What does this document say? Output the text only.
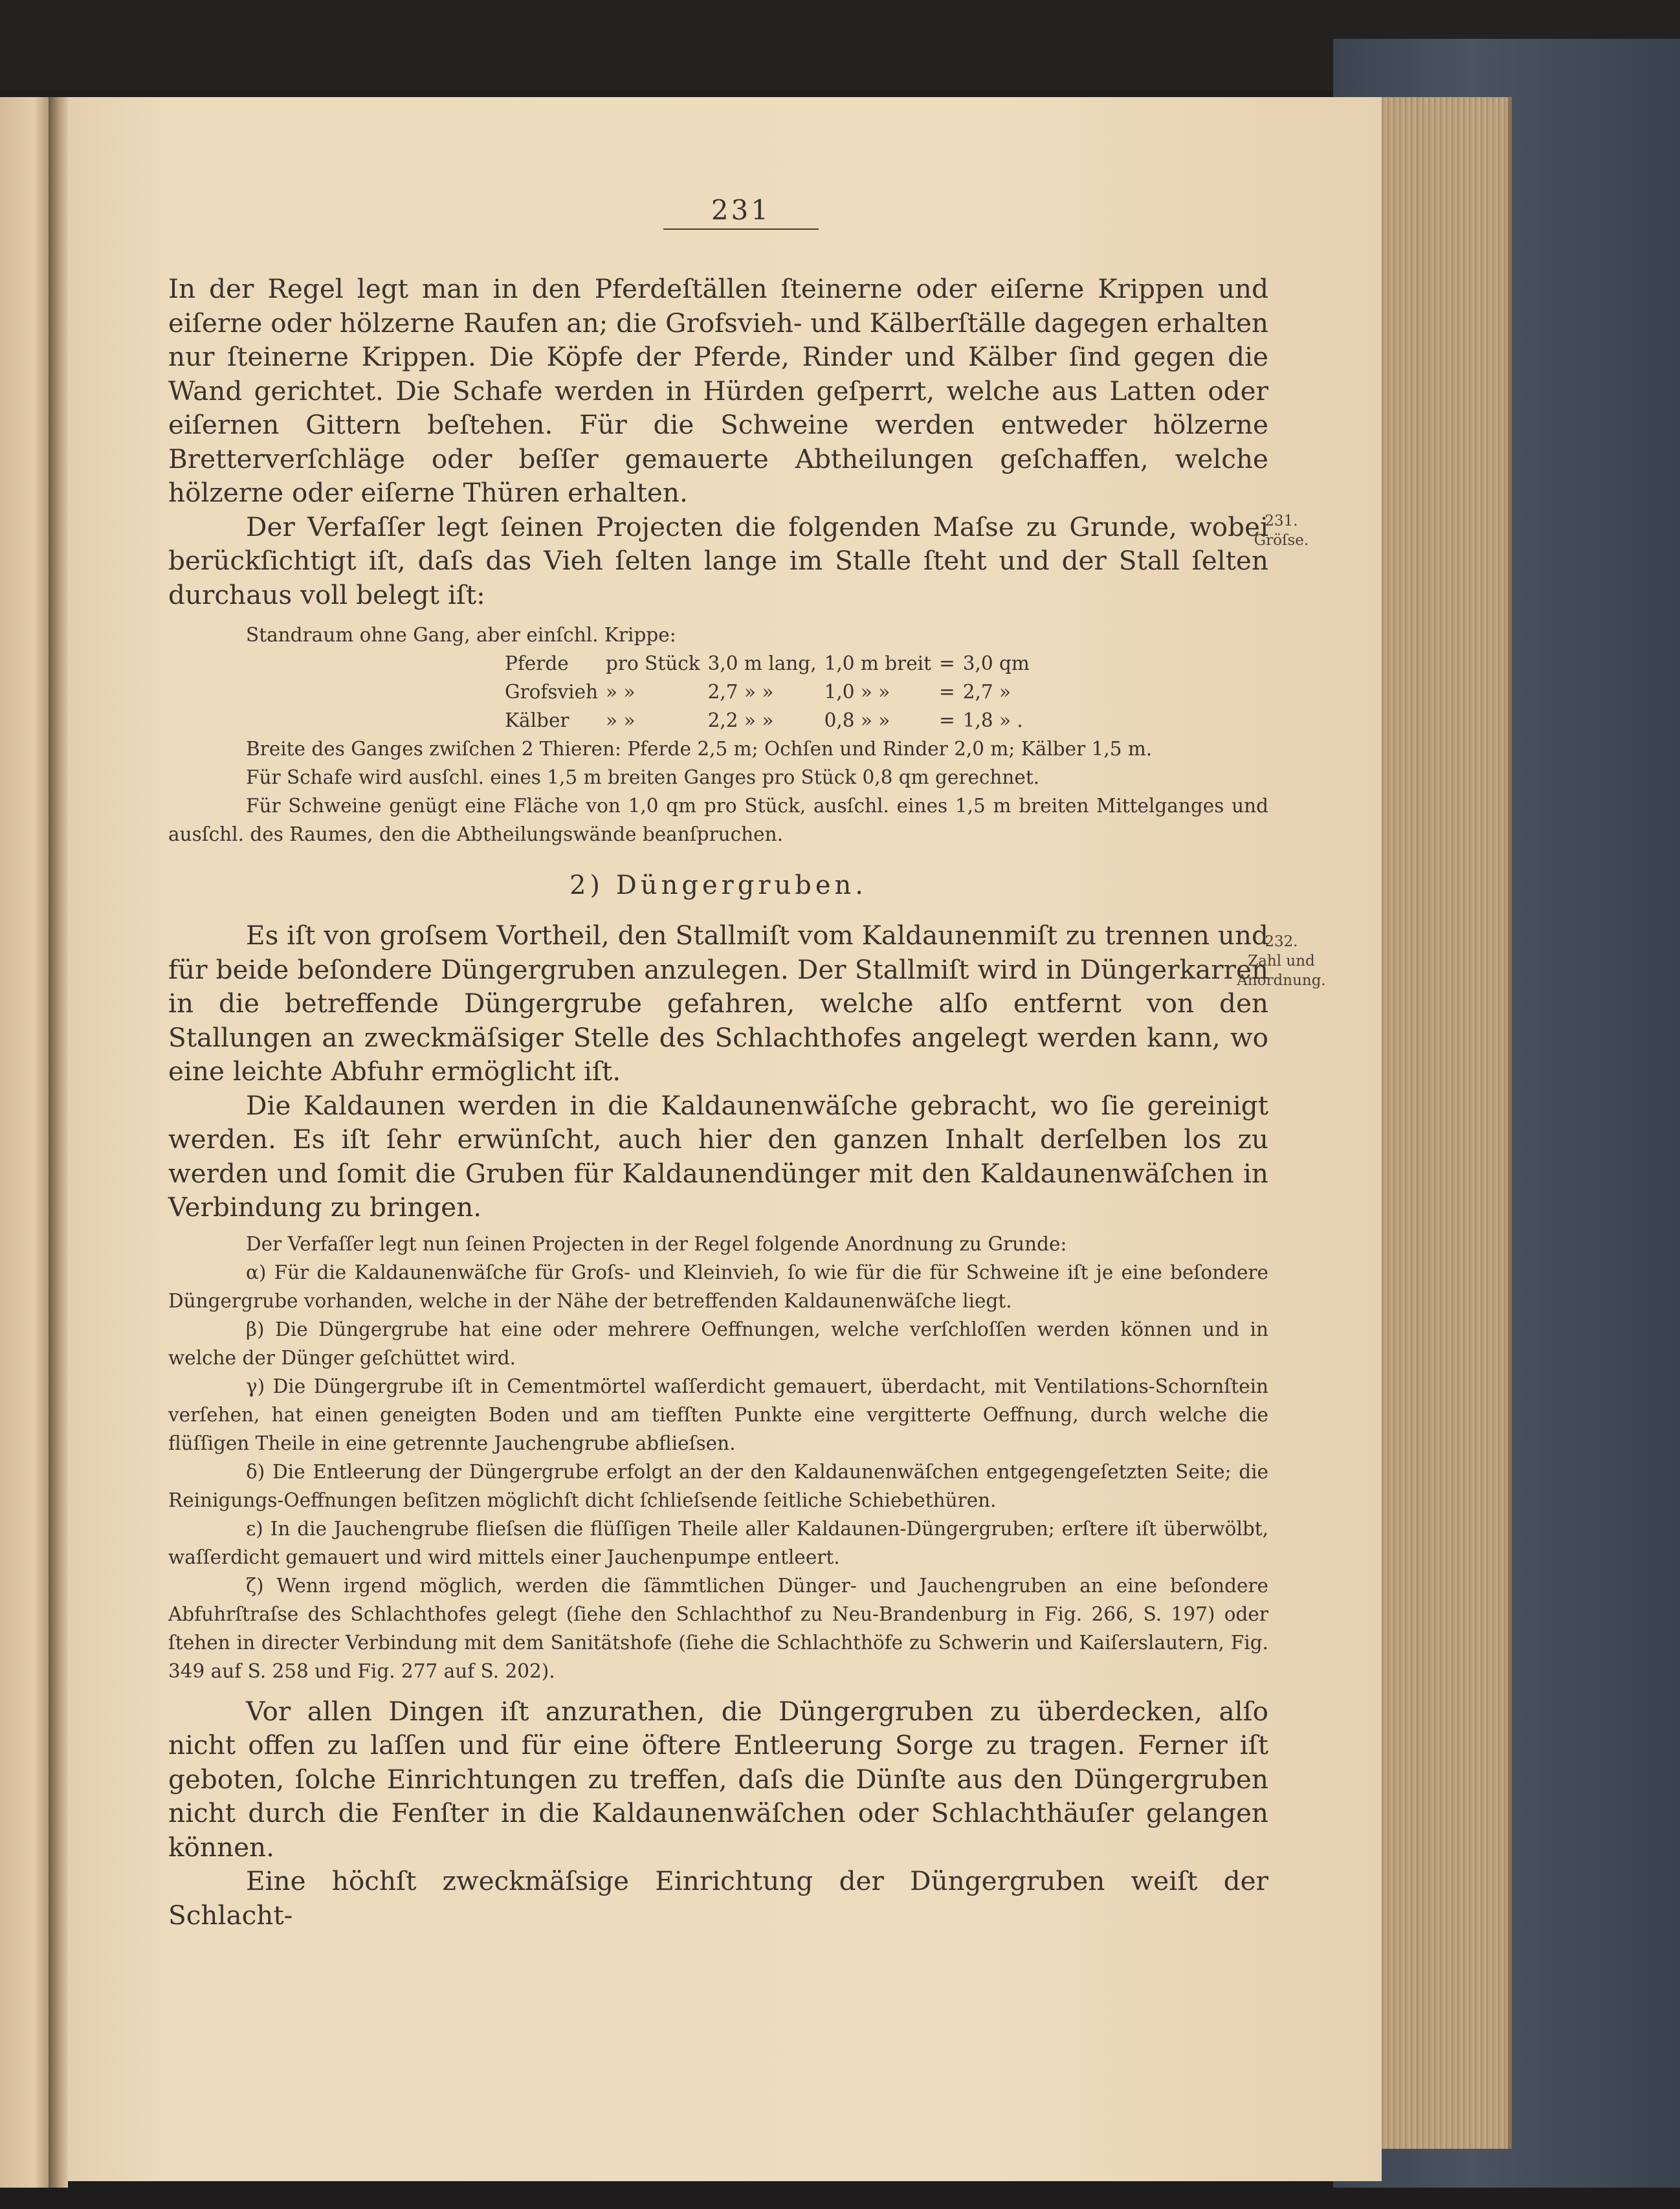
231
231.
Gröſse.
232.
Zahl und Anordnung.

In der Regel legt man in den Pferdeſtällen ſteinerne oder eiſerne Krippen und eiſerne oder hölzerne Raufen an; die Grofsvieh- und Kälberſtälle dagegen erhalten nur ſteinerne Krippen. Die Köpfe der Pferde, Rinder und Kälber ſind gegen die Wand gerichtet. Die Schafe werden in Hürden geſperrt, welche aus Latten oder eiſernen Gittern beſtehen. Für die Schweine werden entweder hölzerne Bretterverſchläge oder beſſer gemauerte Abtheilungen geſchaffen, welche hölzerne oder eiſerne Thüren erhalten.

Der Verfaſſer legt ſeinen Projecten die folgenden Maſse zu Grunde, wobei berückſichtigt iſt, daſs das Vieh ſelten lange im Stalle ſteht und der Stall ſelten durchaus voll belegt iſt:

Standraum ohne Gang, aber einſchl. Krippe:
Pferde	pro Stück	3,0 m lang,	1,0 m breit	=	3,0 qm
Grofsvieh	» »	2,7 » »	1,0 » »	=	2,7 »
Kälber	» »	2,2 » »	0,8 » »	=	1,8 » .

Breite des Ganges zwiſchen 2 Thieren: Pferde 2,5 m; Ochſen und Rinder 2,0 m; Kälber 1,5 m.

Für Schafe wird ausſchl. eines 1,5 m breiten Ganges pro Stück 0,8 qm gerechnet.

Für Schweine genügt eine Fläche von 1,0 qm pro Stück, ausſchl. eines 1,5 m breiten Mittelganges und ausſchl. des Raumes, den die Abtheilungswände beanſpruchen.

2) Düngergruben.

Es iſt von groſsem Vortheil, den Stallmiſt vom Kaldaunenmiſt zu trennen und für beide beſondere Düngergruben anzulegen. Der Stallmiſt wird in Düngerkarren in die betreffende Düngergrube gefahren, welche alſo entfernt von den Stallungen an zweckmäſsiger Stelle des Schlachthofes angelegt werden kann, wo eine leichte Abfuhr ermöglicht iſt.

Die Kaldaunen werden in die Kaldaunenwäſche gebracht, wo ſie gereinigt werden. Es iſt ſehr erwünſcht, auch hier den ganzen Inhalt derſelben los zu werden und ſomit die Gruben für Kaldaunendünger mit den Kaldaunenwäſchen in Verbindung zu bringen.

Der Verfaſſer legt nun ſeinen Projecten in der Regel folgende Anordnung zu Grunde:

α) Für die Kaldaunenwäſche für Groſs- und Kleinvieh, ſo wie für die für Schweine iſt je eine beſondere Düngergrube vorhanden, welche in der Nähe der betreffenden Kaldaunenwäſche liegt.

β) Die Düngergrube hat eine oder mehrere Oeffnungen, welche verſchloſſen werden können und in welche der Dünger geſchüttet wird.

γ) Die Düngergrube iſt in Cementmörtel waſſerdicht gemauert, überdacht, mit Ventilations-Schornſtein verſehen, hat einen geneigten Boden und am tiefſten Punkte eine vergitterte Oeffnung, durch welche die flüſſigen Theile in eine getrennte Jauchengrube abflieſsen.

δ) Die Entleerung der Düngergrube erfolgt an der den Kaldaunenwäſchen entgegengeſetzten Seite; die Reinigungs-Oeffnungen beſitzen möglichſt dicht ſchlieſsende ſeitliche Schiebethüren.

ε) In die Jauchengrube flieſsen die flüſſigen Theile aller Kaldaunen-Düngergruben; erſtere iſt überwölbt, waſſerdicht gemauert und wird mittels einer Jauchenpumpe entleert.

ζ) Wenn irgend möglich, werden die ſämmtlichen Dünger- und Jauchengruben an eine beſondere Abfuhrſtraſse des Schlachthofes gelegt (ſiehe den Schlachthof zu Neu-Brandenburg in Fig. 266, S. 197) oder ſtehen in directer Verbindung mit dem Sanitätshofe (ſiehe die Schlachthöfe zu Schwerin und Kaiſerslautern, Fig. 349 auf S. 258 und Fig. 277 auf S. 202).

Vor allen Dingen iſt anzurathen, die Düngergruben zu überdecken, alſo nicht offen zu laſſen und für eine öftere Entleerung Sorge zu tragen. Ferner iſt geboten, ſolche Einrichtungen zu treffen, daſs die Dünſte aus den Düngergruben nicht durch die Fenſter in die Kaldaunenwäſchen oder Schlachthäuſer gelangen können.

Eine höchſt zweckmäſsige Einrichtung der Düngergruben weiſt der Schlacht-
